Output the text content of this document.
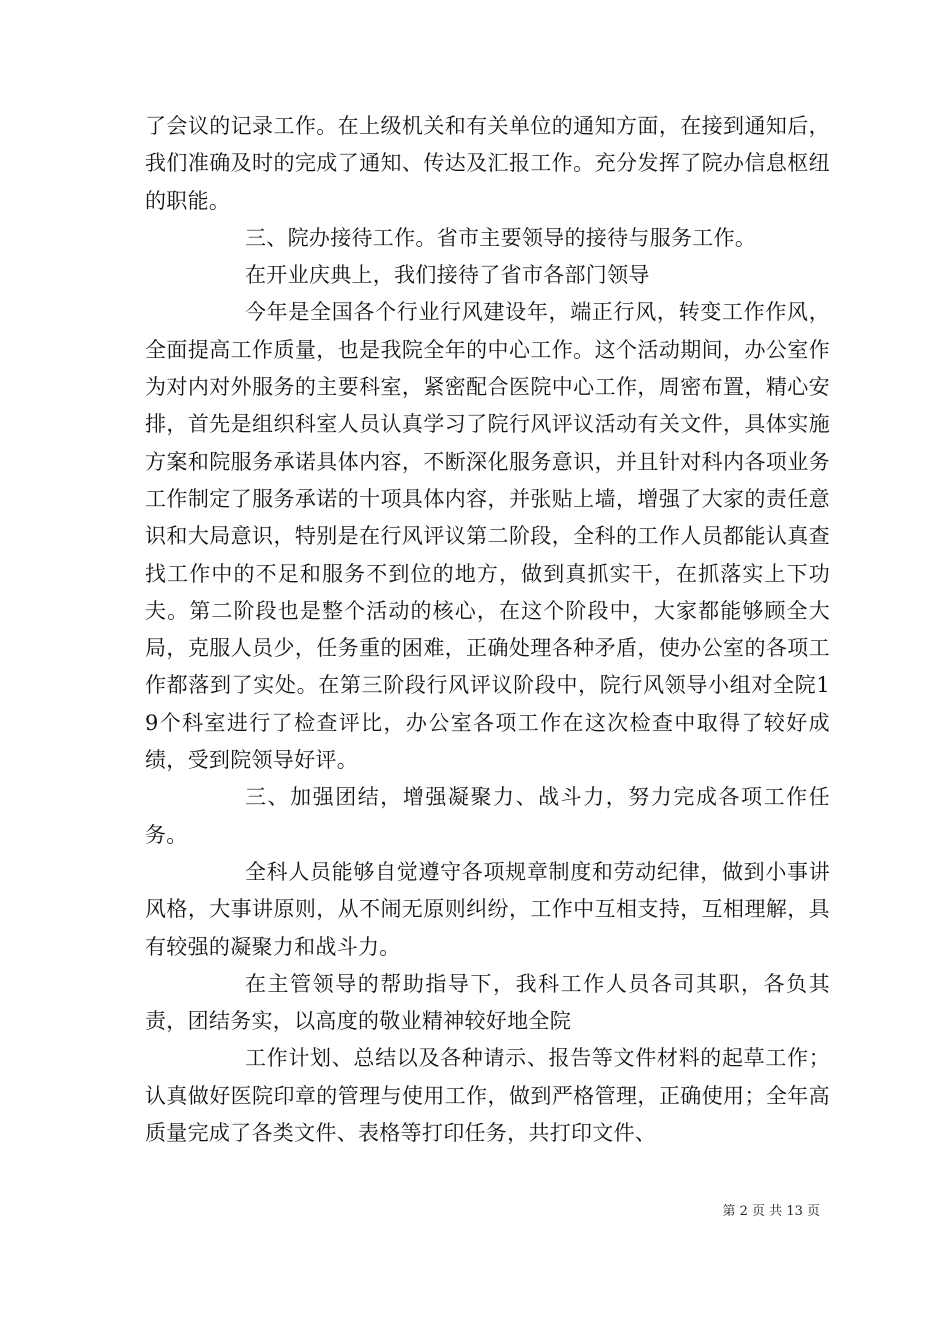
了会议的记录工作。在上级机关和有关单位的通知方面，在接到通知后，我们准确及时的完成了通知、传达及汇报工作。充分发挥了院办信息枢纽的职能。

三、院办接待工作。省市主要领导的接待与服务工作。

在开业庆典上，我们接待了省市各部门领导

今年是全国各个行业行风建设年，端正行风，转变工作作风，全面提高工作质量，也是我院全年的中心工作。这个活动期间，办公室作为对内对外服务的主要科室，紧密配合医院中心工作，周密布置，精心安排，首先是组织科室人员认真学习了院行风评议活动有关文件，具体实施方案和院服务承诺具体内容，不断深化服务意识，并且针对科内各项业务工作制定了服务承诺的十项具体内容，并张贴上墙，增强了大家的责任意识和大局意识，特别是在行风评议第二阶段，全科的工作人员都能认真查找工作中的不足和服务不到位的地方，做到真抓实干，在抓落实上下功夫。第二阶段也是整个活动的核心，在这个阶段中，大家都能够顾全大局，克服人员少，任务重的困难，正确处理各种矛盾，使办公室的各项工作都落到了实处。在第三阶段行风评议阶段中，院行风领导小组对全院19个科室进行了检查评比，办公室各项工作在这次检查中取得了较好成绩，受到院领导好评。

三、加强团结，增强凝聚力、战斗力，努力完成各项工作任务。

全科人员能够自觉遵守各项规章制度和劳动纪律，做到小事讲风格，大事讲原则，从不闹无原则纠纷，工作中互相支持，互相理解，具有较强的凝聚力和战斗力。

在主管领导的帮助指导下，我科工作人员各司其职，各负其责，团结务实，以高度的敬业精神较好地全院

工作计划、总结以及各种请示、报告等文件材料的起草工作；认真做好医院印章的管理与使用工作，做到严格管理，正确使用；全年高质量完成了各类文件、表格等打印任务，共打印文件、

第 2 页 共 13 页
